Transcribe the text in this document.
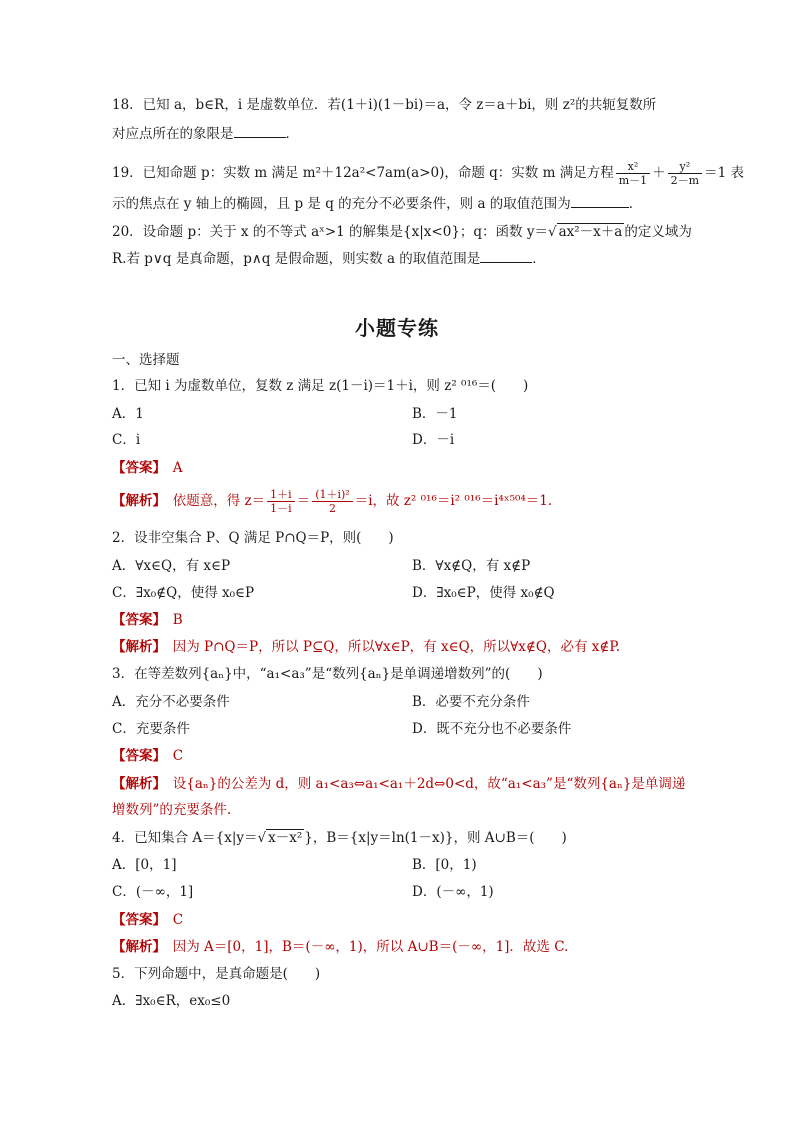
18．已知 a，b∈R，i 是虚数单位．若(1＋i)(1－bi)＝a，令 z＝a＋bi，则 z²的共轭复数所
对应点所在的象限是	．
19．已知命题 p：实数 m 满足 m²＋12a²<7am(a>0)，命题 q：实数 m 满足方程 $\frac{\text{x²}}{m-1} + \frac{\text{y²}}{2-m} =1$ 表
示的焦点在 y 轴上的椭圆，且 p 是 q 的充分不必要条件，则 a 的取值范围为	．
20．设命题 p：关于 x 的不等式 aˣ>1 的解集是{x|x<0}；q：函数 y＝√ ax²－x＋a 的定义域为
R.若 p∨q 是真命题，p∧q 是假命题，则实数 a 的取值范围是	．
小题专练
一、选择题
1．已知 i 为虚数单位，复数 z 满足 z(1－i)＝1＋i，则 z² ⁰¹⁶＝(　　)
A．1	B．－1
C．i	D．－i
【答案】　 A
【解析】　 依题意，得 $z= \frac{1+i}{1-i} = \frac{\text{(1＋i)²}}{2} =i$，故 z² ⁰¹⁶＝i² ⁰¹⁶＝i⁴ˣ⁵⁰⁴＝1.
2．设非空集合 P、Q 满足 P∩Q＝P，则(　　)
A．∀x∈Q，有 x∈P	B．∀x∉Q，有 x∉P
C．∃x₀∉Q，使得 x₀∈P	D．∃x₀∈P，使得 x₀∉Q
【答案】　 B
【解析】　 因为 P∩Q＝P，所以 P⊆Q，所以∀x∈P，有 x∈Q，所以∀x∉Q，必有 x∉P.
3．在等差数列{aₙ}中，“a₁<a₃”是“数列{aₙ}是单调递增数列”的(　　)
A．充分不必要条件	B．必要不充分条件
C．充要条件	D．既不充分也不必要条件
【答案】　 C
【解析】　 设{aₙ}的公差为 d，则 a₁<a₃⇔a₁<a₁＋2d⇔0<d，故“a₁<a₃”是“数列{aₙ}是单调递
增数列”的充要条件.
4．已知集合 A＝{x|y＝√ x－x² }，B＝{x|y＝ln(1－x)}，则 A∪B＝(　　)
A．[0，1]	B．[0，1)
C．(－∞，1]	D．(－∞，1)
【答案】　 C
【解析】　 因为 A＝[0，1]，B＝(－∞，1)，所以 A∪B＝(－∞，1]．故选 C.
5．下列命题中，是真命题是(　　)
A．∃x₀∈R，ex₀≤0
